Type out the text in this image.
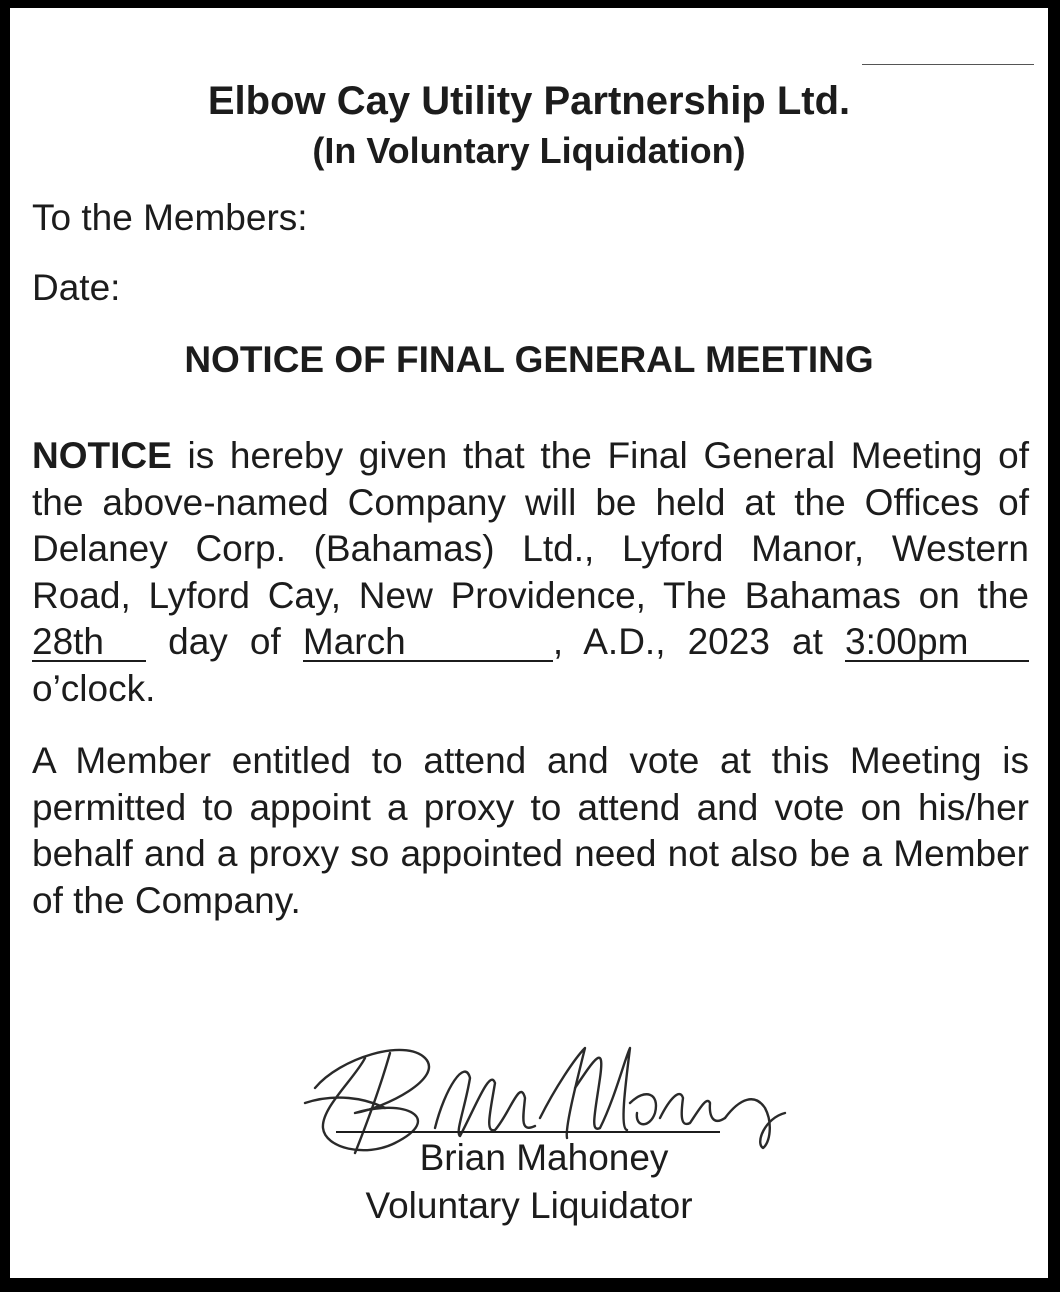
Elbow Cay Utility Partnership Ltd.
(In Voluntary Liquidation)
To the Members:
Date:
NOTICE OF FINAL GENERAL MEETING
NOTICE is hereby given that the Final General Meeting of the above-named Company will be held at the Offices of Delaney Corp. (Bahamas) Ltd., Lyford Manor, Western Road, Lyford Cay, New Providence, The Bahamas on the 28th day of March	, A.D., 2023 at 3:00pm o’clock.
A Member entitled to attend and vote at this Meeting is permitted to appoint a proxy to attend and vote on his/her behalf and a proxy so appointed need not also be a Member of the Company.
Brian Mahoney
Voluntary Liquidator
